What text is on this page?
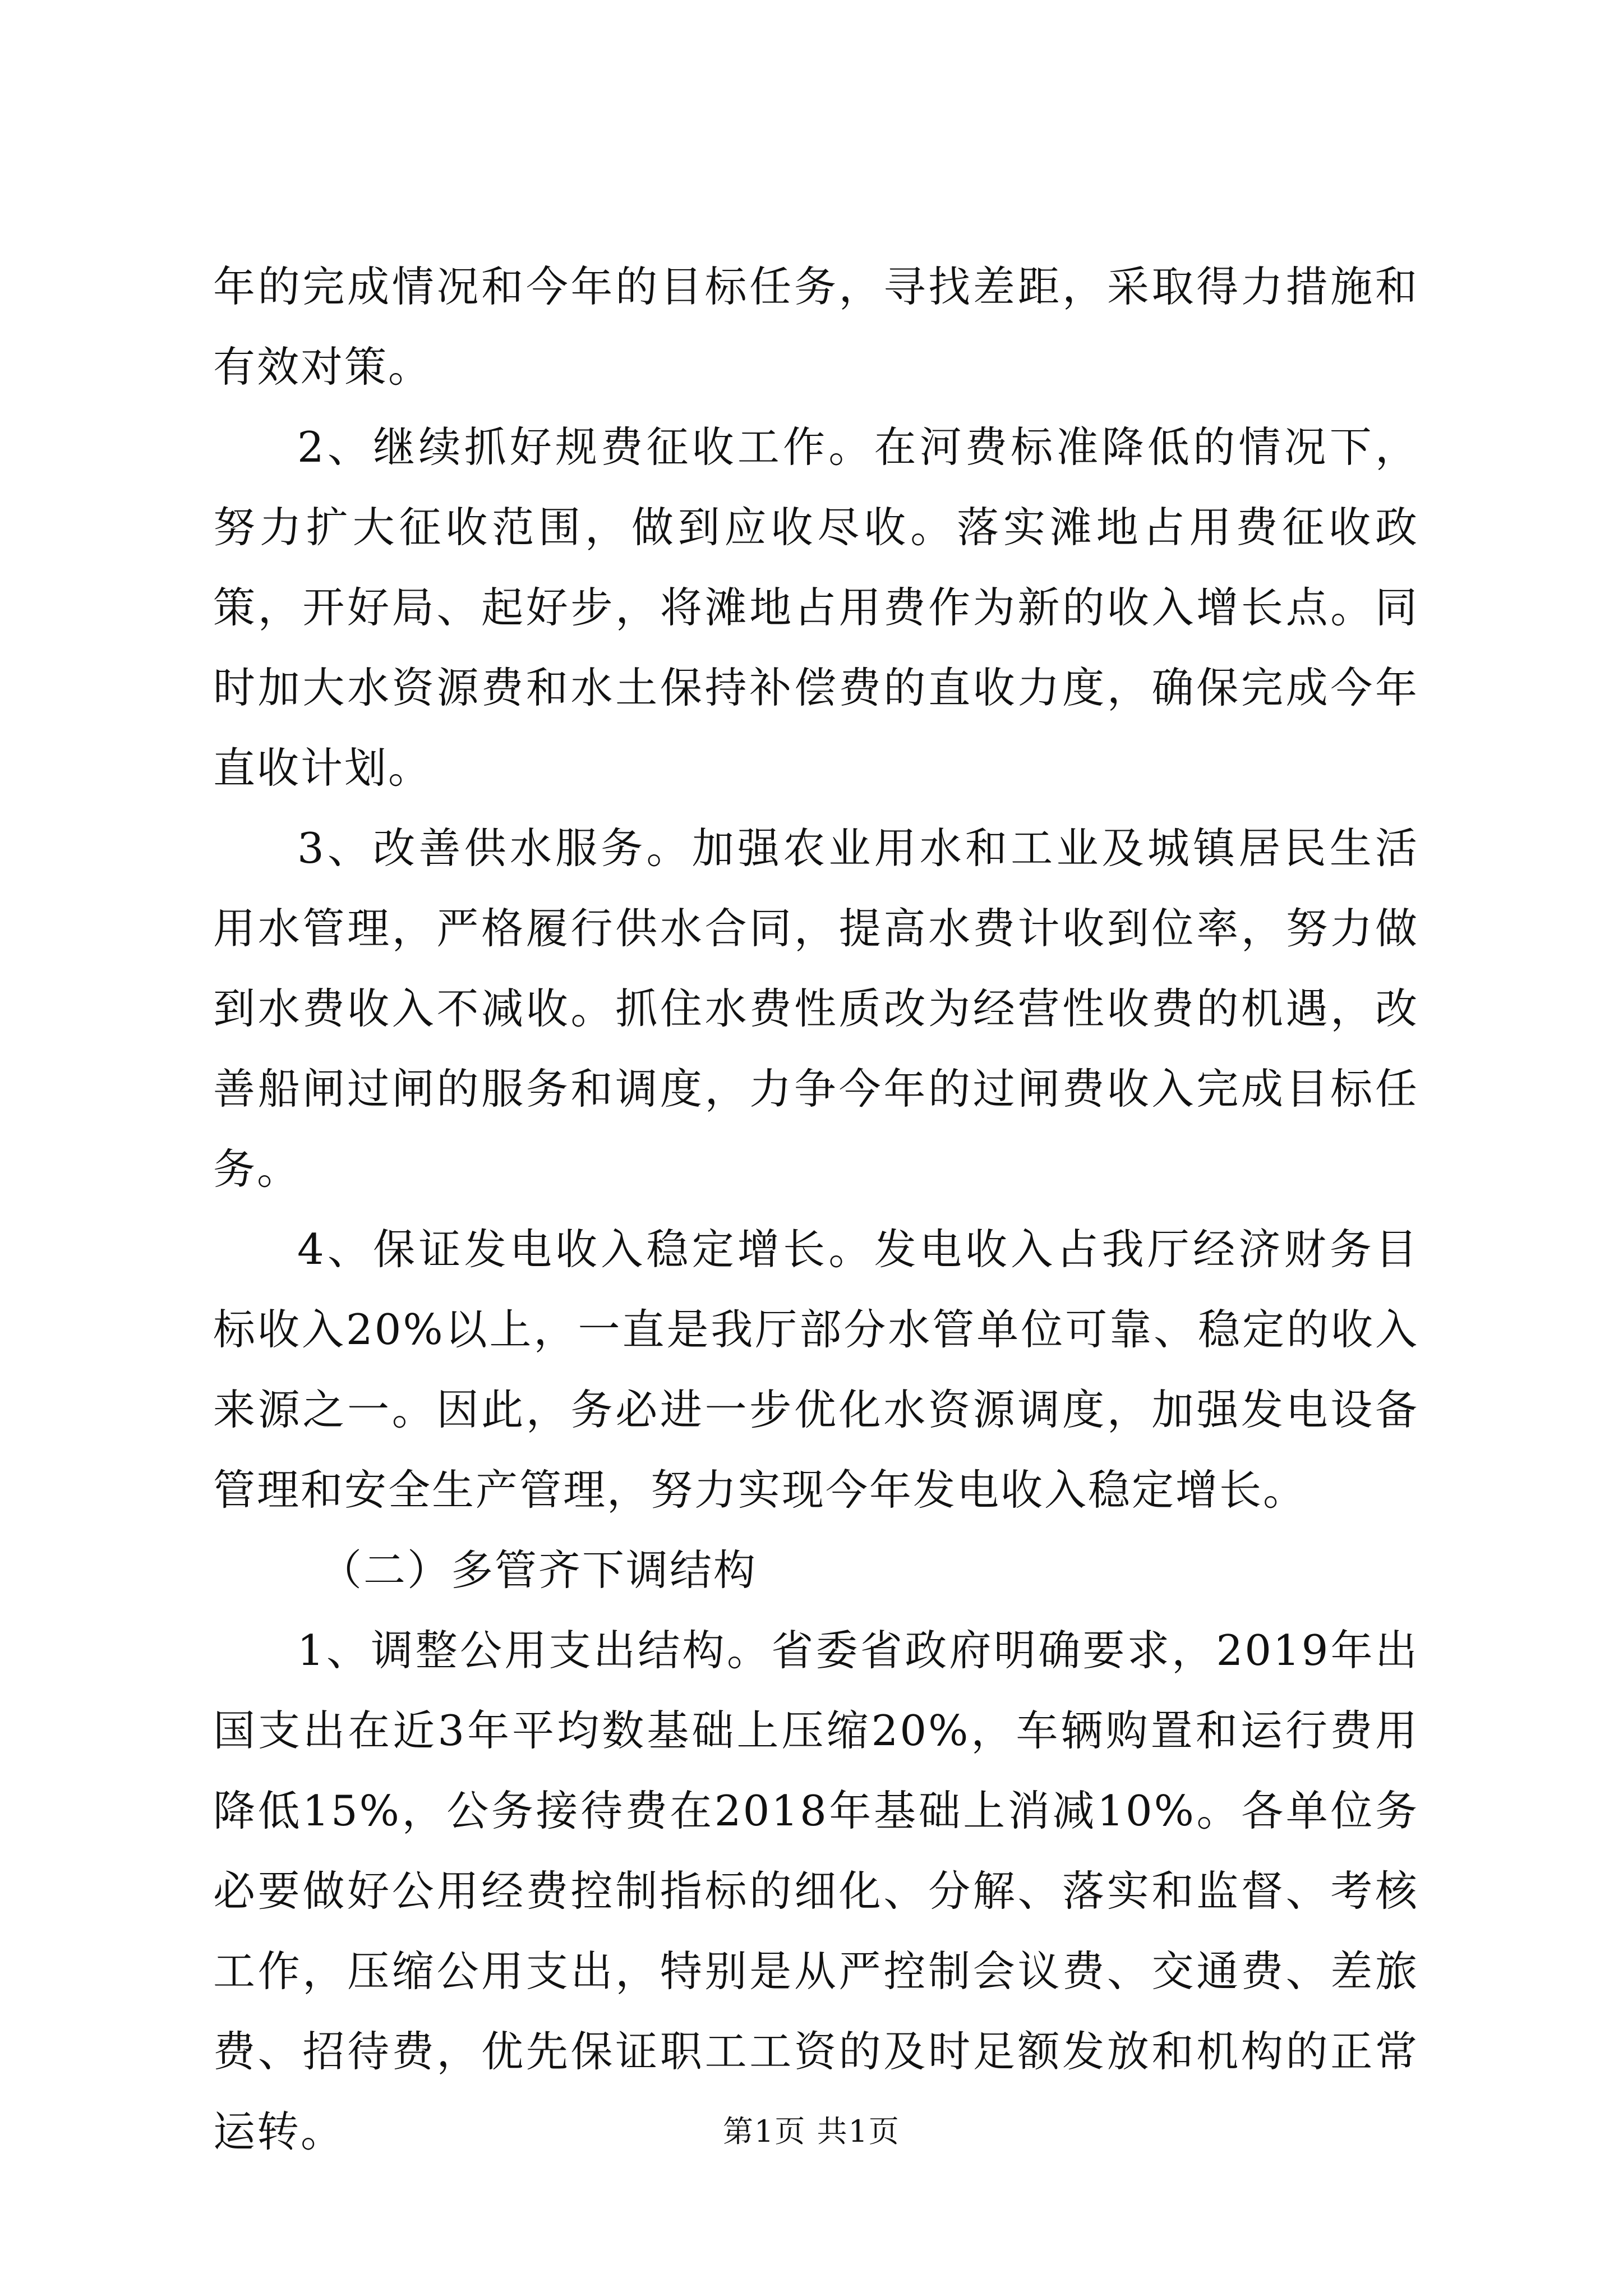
年的完成情况和今年的目标任务，寻找差距，采取得力措施和有效对策。

2、继续抓好规费征收工作。在河费标准降低的情况下，努力扩大征收范围，做到应收尽收。落实滩地占用费征收政策，开好局、起好步，将滩地占用费作为新的收入增长点。同时加大水资源费和水土保持补偿费的直收力度，确保完成今年直收计划。

3、改善供水服务。加强农业用水和工业及城镇居民生活用水管理，严格履行供水合同，提高水费计收到位率，努力做到水费收入不减收。抓住水费性质改为经营性收费的机遇，改善船闸过闸的服务和调度，力争今年的过闸费收入完成目标任务。

4、保证发电收入稳定增长。发电收入占我厅经济财务目标收入20%以上，一直是我厅部分水管单位可靠、稳定的收入来源之一。因此，务必进一步优化水资源调度，加强发电设备管理和安全生产管理，努力实现今年发电收入稳定增长。

（二）多管齐下调结构

1、调整公用支出结构。省委省政府明确要求，2019年出国支出在近3年平均数基础上压缩20%，车辆购置和运行费用降低15%，公务接待费在2018年基础上消减10%。各单位务必要做好公用经费控制指标的细化、分解、落实和监督、考核工作，压缩公用支出，特别是从严控制会议费、交通费、差旅费、招待费，优先保证职工工资的及时足额发放和机构的正常运转。	第1页 共1页
